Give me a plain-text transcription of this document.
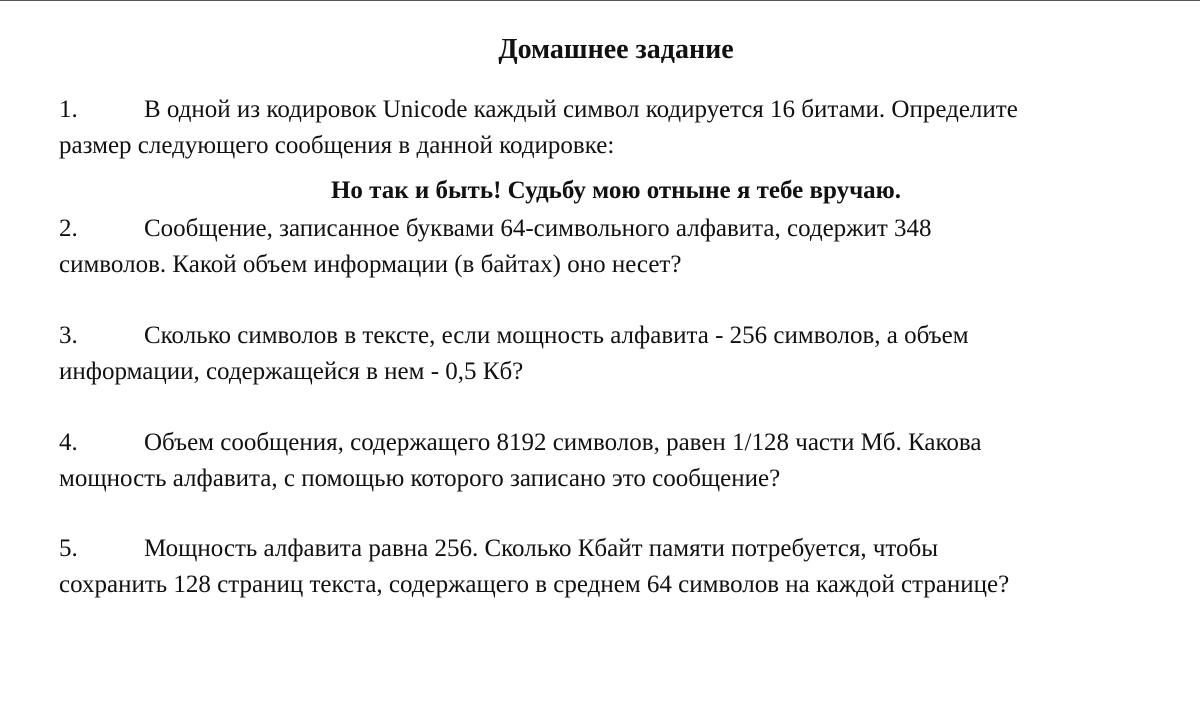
Домашнее задание
1.	В одной из кодировок Unicode каждый символ кодируется 16 битами. Определите
размер следующего сообщения в данной кодировке:
Но так и быть! Судьбу мою отныне я тебе вручаю.
2.	Сообщение, записанное буквами 64-символьного алфавита, содержит 348
символов. Какой объем информации (в байтах) оно несет?
3.	Сколько символов в тексте, если мощность алфавита - 256 символов, а объем
информации, содержащейся в нем - 0,5 Кб?
4.	Объем сообщения, содержащего 8192 символов, равен 1/128 части Мб. Какова
мощность алфавита, с помощью которого записано это сообщение?
5.	Мощность алфавита равна 256. Сколько Кбайт памяти потребуется, чтобы
сохранить 128 страниц текста, содержащего в среднем 64 символов на каждой странице?
